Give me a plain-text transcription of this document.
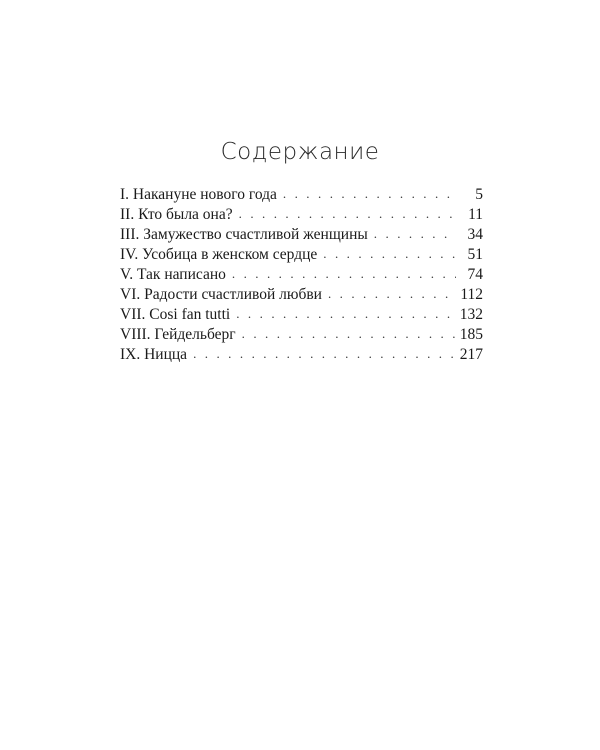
Содержание
I. Накануне нового года . . .	5
II. Кто была она? . . .	11
III. Замужество счастливой женщины . . .	34
IV. Усобица в женском сердце . . .	51
V. Так написано . . .	74
VI. Радости счастливой любви . . .	112
VII. Cosi fan tutti . . .	132
VIII. Гейдельберг . . .	185
IX. Ницца . . .	217
